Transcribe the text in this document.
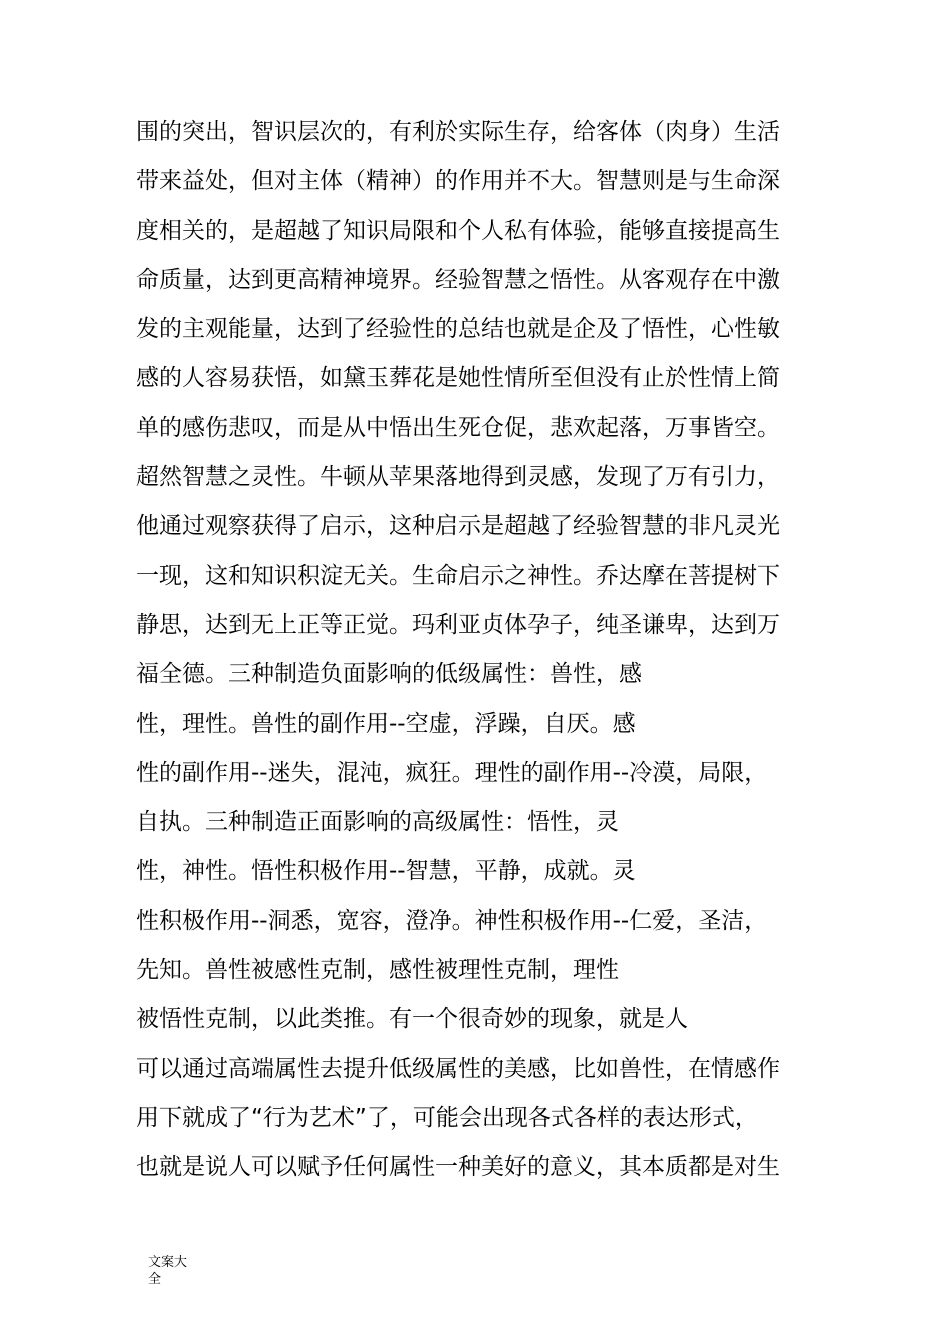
围的突出，智识层次的，有利於实际生存，给客体（肉身）生活
带来益处，但对主体（精神）的作用并不大。智慧则是与生命深
度相关的，是超越了知识局限和个人私有体验，能够直接提高生
命质量，达到更高精神境界。经验智慧之悟性。从客观存在中激
发的主观能量，达到了经验性的总结也就是企及了悟性，心性敏
感的人容易获悟，如黛玉葬花是她性情所至但没有止於性情上简
单的感伤悲叹，而是从中悟出生死仓促，悲欢起落，万事皆空。
超然智慧之灵性。牛顿从苹果落地得到灵感，发现了万有引力，
他通过观察获得了启示，这种启示是超越了经验智慧的非凡灵光
一现，这和知识积淀无关。生命启示之神性。乔达摩在菩提树下
静思，达到无上正等正觉。玛利亚贞体孕子，纯圣谦卑，达到万
福全德。三种制造负面影响的低级属性：兽性，感
性，理性。兽性的副作用--空虚，浮躁，自厌。感
性的副作用--迷失，混沌，疯狂。理性的副作用--冷漠，局限，
自执。三种制造正面影响的高级属性：悟性，灵
性，神性。悟性积极作用--智慧，平静，成就。灵
性积极作用--洞悉，宽容，澄净。神性积极作用--仁爱，圣洁，
先知。兽性被感性克制，感性被理性克制，理性
被悟性克制，以此类推。有一个很奇妙的现象，就是人
可以通过高端属性去提升低级属性的美感，比如兽性，在情感作
用下就成了“行为艺术”了，可能会出现各式各样的表达形式，
也就是说人可以赋予任何属性一种美好的意义，其本质都是对生
文案大
全
